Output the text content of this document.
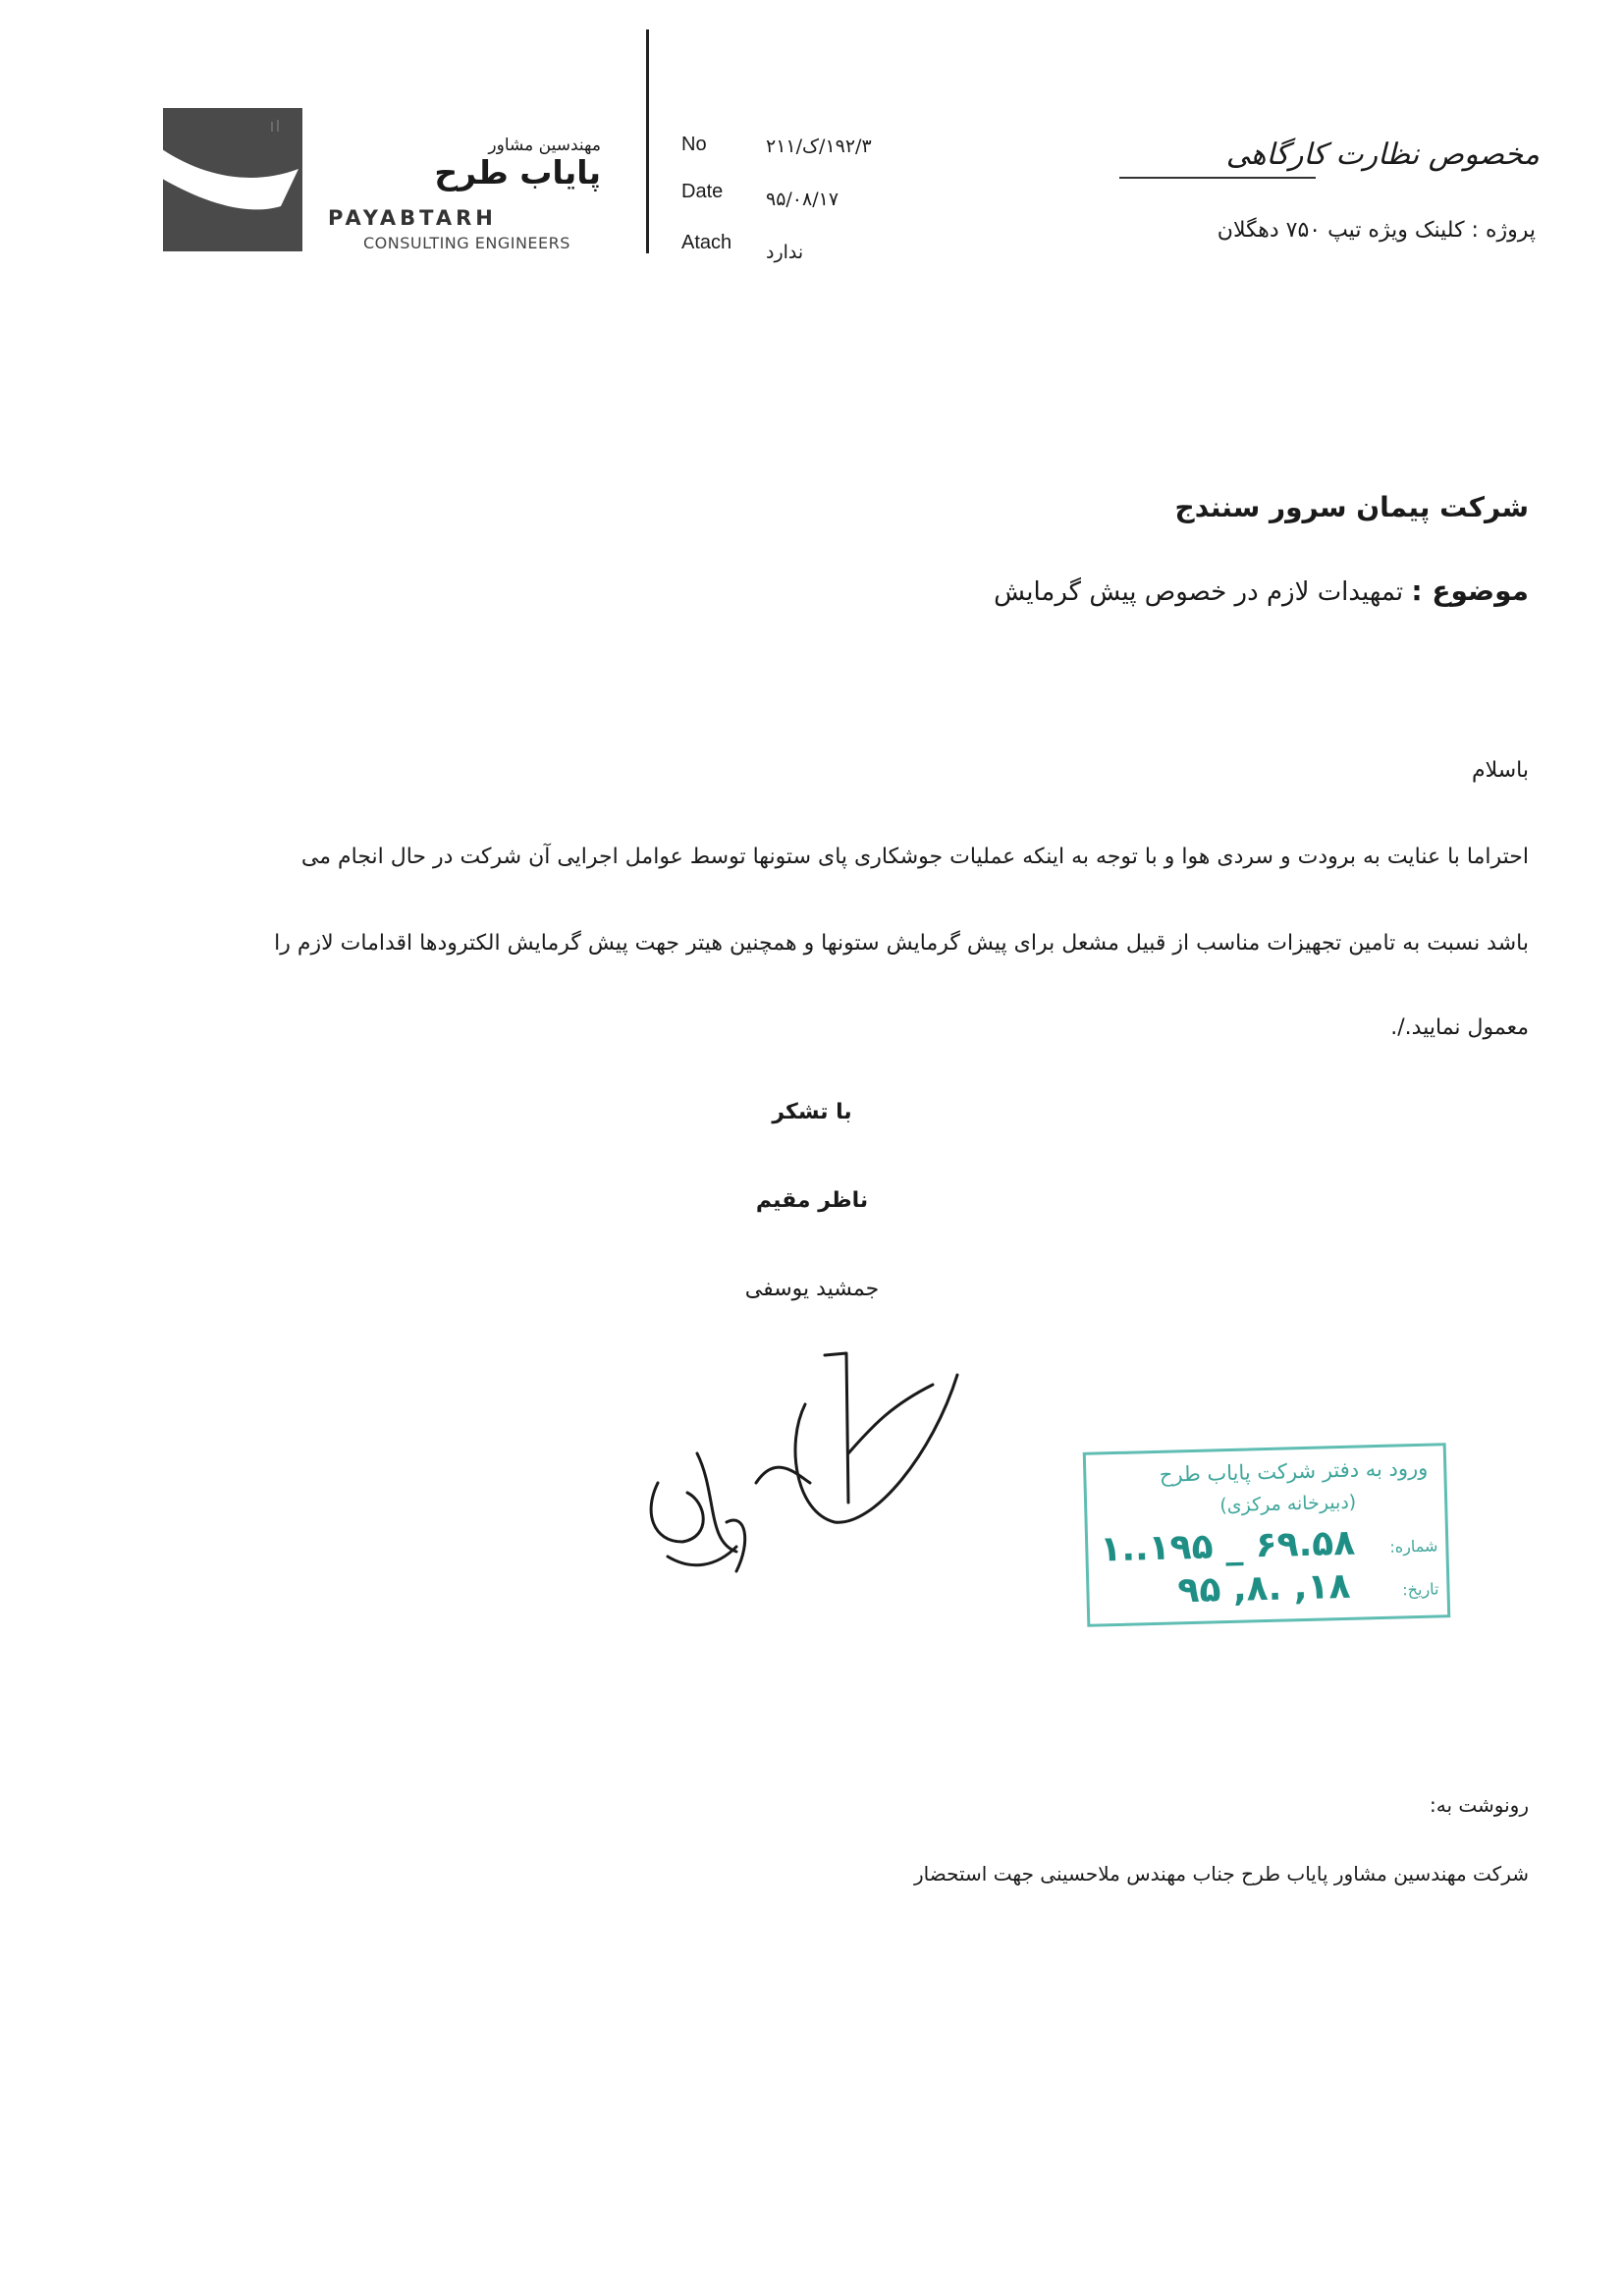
مهندسین مشاور
پایاب طرح
PAYABTARH
CONSULTING ENGINEERS
No	۱۹۲/۳/ک/۲۱۱
Date ۹۵/۰۸/۱۷
Atach ندارد
مخصوص نظارت کارگاهی
پروژه : کلینک ویژه تیپ ۷۵۰ دهگلان
شرکت پیمان سرور سنندج
موضوع : تمهیدات لازم در خصوص پیش گرمایش
باسلام
احتراما با عنایت به برودت و سردی هوا و با توجه به اینکه عملیات جوشکاری پای ستونها توسط عوامل اجرایی آن شرکت در حال انجام می
باشد نسبت به تامین تجهیزات مناسب از قبیل مشعل برای پیش گرمایش ستونها و همچنین هیتر جهت پیش گرمایش الکترودها اقدامات لازم را
معمول نمایید./.
با تشکر
ناظر مقیم
جمشید یوسفی
ورود به دفتر شرکت پایاب طرح
(دبیرخانه مرکزی)
شماره:
۱..۱۹۵ _ ۶۹.۵۸
تاریخ:
۹۵ ,۸. ,۱۸
رونوشت به:
شرکت مهندسین مشاور پایاب طرح جناب مهندس ملاحسینی جهت استحضار
